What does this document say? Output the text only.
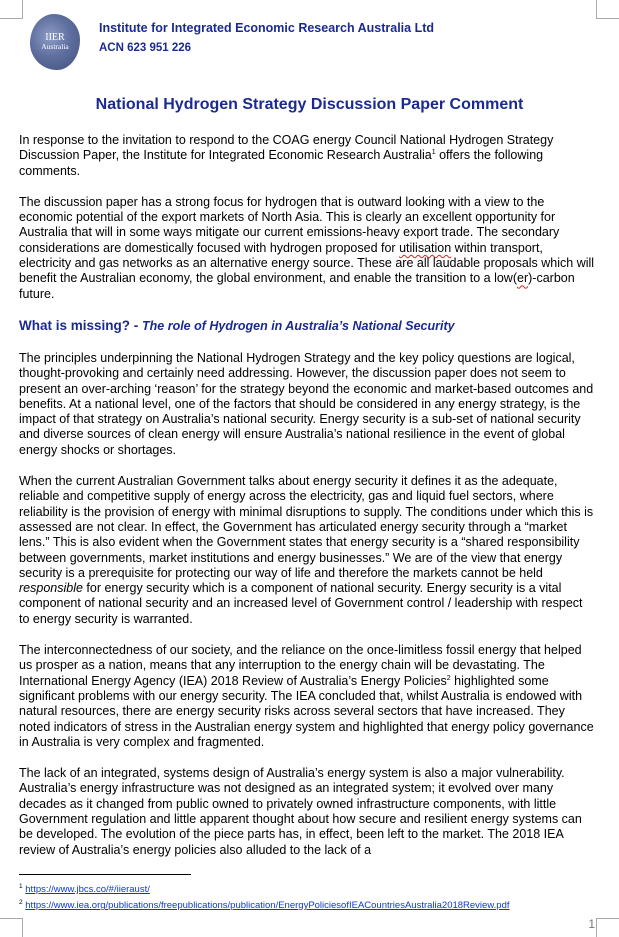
IIER
Australia
Institute for Integrated Economic Research Australia Ltd
ACN 623 951 226
National Hydrogen Strategy Discussion Paper Comment

In response to the invitation to respond to the COAG energy Council National Hydrogen Strategy Discussion Paper, the Institute for Integrated Economic Research Australia$^1$ offers the following comments.

The discussion paper has a strong focus for hydrogen that is outward looking with a view to the economic potential of the export markets of North Asia. This is clearly an excellent opportunity for Australia that will in some ways mitigate our current emissions-heavy export trade. The secondary considerations are domestically focused with hydrogen proposed for utilisation within transport, electricity and gas networks as an alternative energy source. These are all laudable proposals which will benefit the Australian economy, the global environment, and enable the transition to a low(er)-carbon future.

What is missing? - The role of Hydrogen in Australia’s National Security

The principles underpinning the National Hydrogen Strategy and the key policy questions are logical, thought-provoking and certainly need addressing. However, the discussion paper does not seem to present an over-arching ‘reason’ for the strategy beyond the economic and market-based outcomes and benefits. At a national level, one of the factors that should be considered in any energy strategy, is the impact of that strategy on Australia’s national security. Energy security is a sub-set of national security and diverse sources of clean energy will ensure Australia’s national resilience in the event of global energy shocks or shortages.

When the current Australian Government talks about energy security it defines it as the adequate, reliable and competitive supply of energy across the electricity, gas and liquid fuel sectors, where reliability is the provision of energy with minimal disruptions to supply. The conditions under which this is assessed are not clear. In effect, the Government has articulated energy security through a “market lens.” This is also evident when the Government states that energy security is a “shared responsibility between governments, market institutions and energy businesses.” We are of the view that energy security is a prerequisite for protecting our way of life and therefore the markets cannot be held responsible for energy security which is a component of national security. Energy security is a vital component of national security and an increased level of Government control / leadership with respect to energy security is warranted.

The interconnectedness of our society, and the reliance on the once-limitless fossil energy that helped us prosper as a nation, means that any interruption to the energy chain will be devastating. The International Energy Agency (IEA) 2018 Review of Australia’s Energy Policies$^2$ highlighted some significant problems with our energy security. The IEA concluded that, whilst Australia is endowed with natural resources, there are energy security risks across several sectors that have increased. They noted indicators of stress in the Australian energy system and highlighted that energy policy governance in Australia is very complex and fragmented.

The lack of an integrated, systems design of Australia’s energy system is also a major vulnerability. Australia’s energy infrastructure was not designed as an integrated system; it evolved over many decades as it changed from public owned to privately owned infrastructure components, with little Government regulation and little apparent thought about how secure and resilient energy systems can be developed. The evolution of the piece parts has, in effect, been left to the market. The 2018 IEA review of Australia’s energy policies also alluded to the lack of a

$^1$ https://www.jbcs.co/#/iieraust/
$^2$ https://www.iea.org/publications/freepublications/publication/EnergyPoliciesofIEACountriesAustralia2018Review.pdf
1
